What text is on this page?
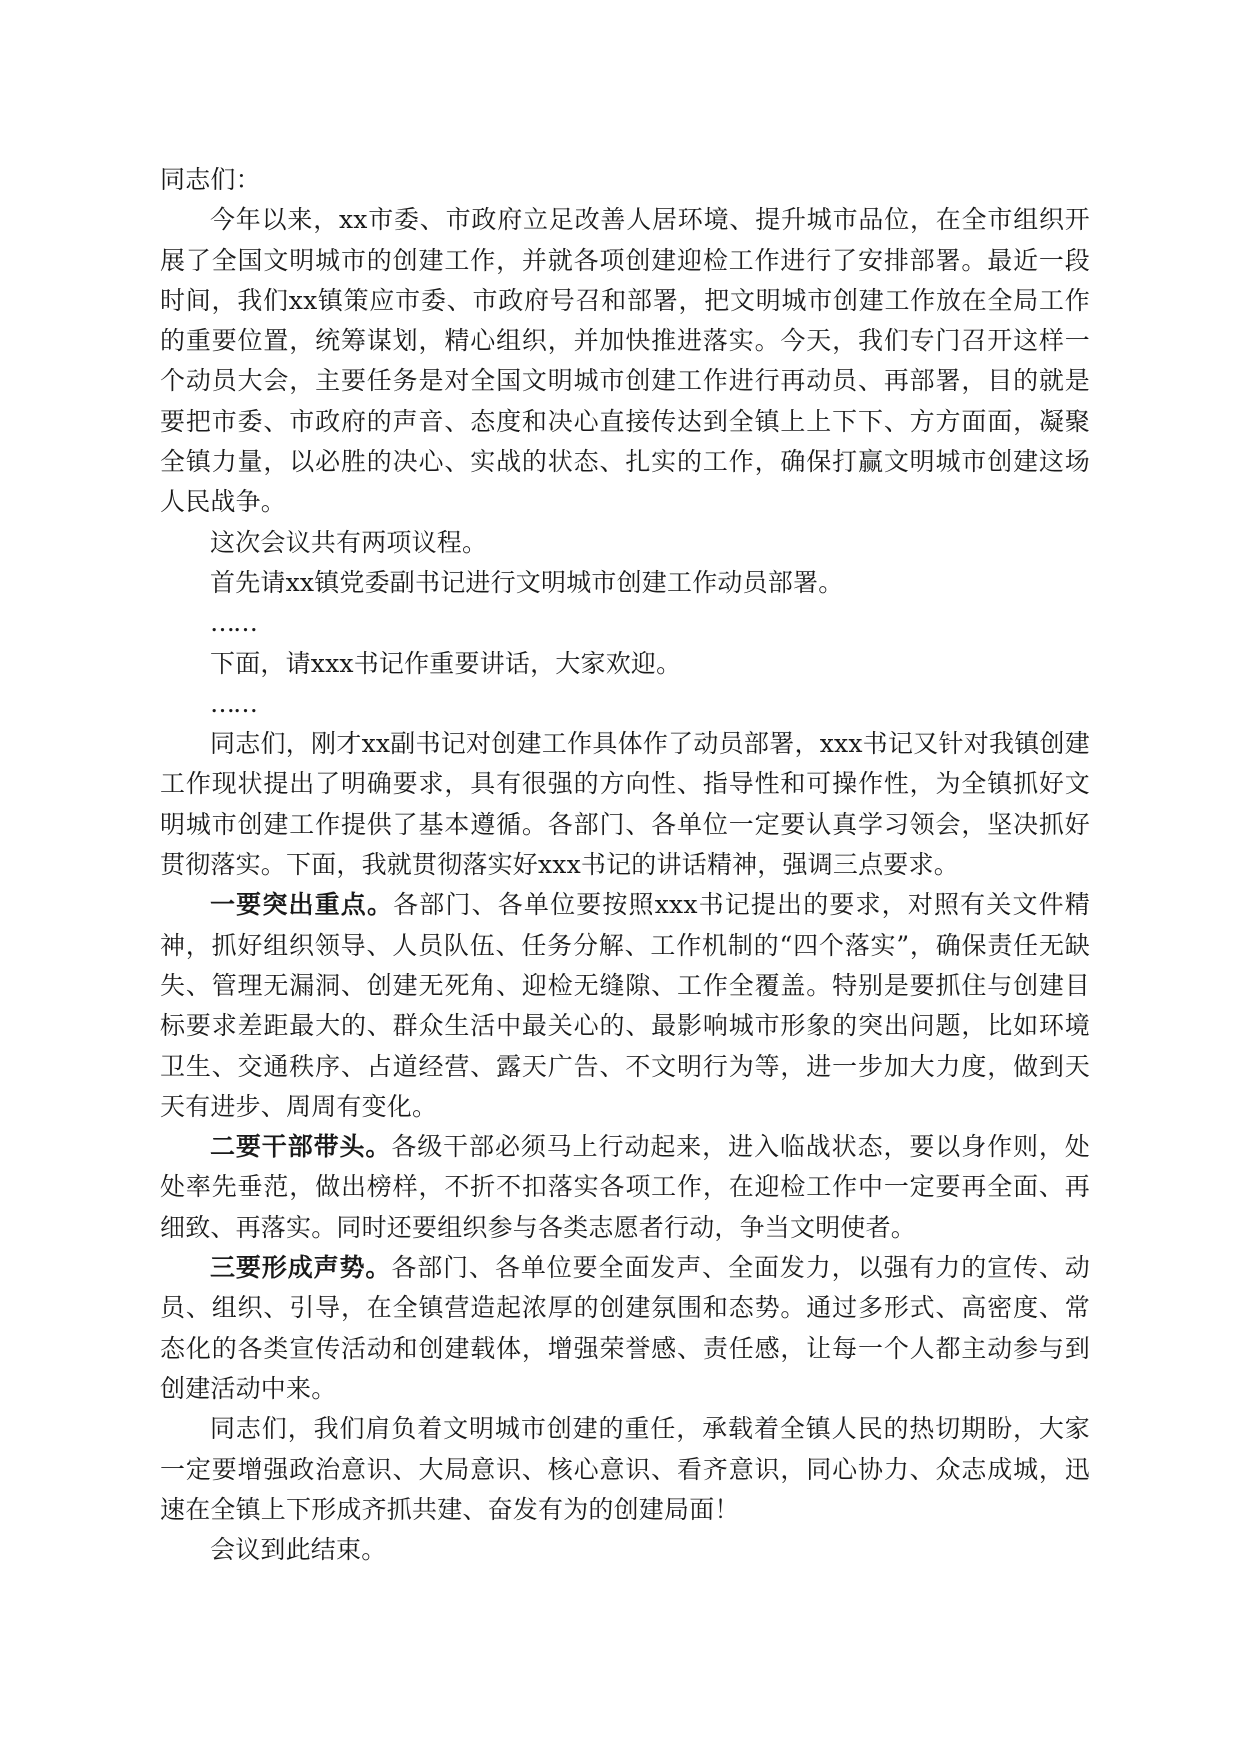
同志们：

今年以来，xx市委、市政府立足改善人居环境、提升城市品位，在全市组织开展了全国文明城市的创建工作，并就各项创建迎检工作进行了安排部署。最近一段时间，我们xx镇策应市委、市政府号召和部署，把文明城市创建工作放在全局工作的重要位置，统筹谋划，精心组织，并加快推进落实。今天，我们专门召开这样一个动员大会，主要任务是对全国文明城市创建工作进行再动员、再部署，目的就是要把市委、市政府的声音、态度和决心直接传达到全镇上上下下、方方面面，凝聚全镇力量，以必胜的决心、实战的状态、扎实的工作，确保打赢文明城市创建这场人民战争。

这次会议共有两项议程。

首先请xx镇党委副书记进行文明城市创建工作动员部署。

……

下面，请xxx书记作重要讲话，大家欢迎。

……

同志们，刚才xx副书记对创建工作具体作了动员部署，xxx书记又针对我镇创建工作现状提出了明确要求，具有很强的方向性、指导性和可操作性，为全镇抓好文明城市创建工作提供了基本遵循。各部门、各单位一定要认真学习领会，坚决抓好贯彻落实。下面，我就贯彻落实好xxx书记的讲话精神，强调三点要求。

一要突出重点。各部门、各单位要按照xxx书记提出的要求，对照有关文件精神，抓好组织领导、人员队伍、任务分解、工作机制的“四个落实”，确保责任无缺失、管理无漏洞、创建无死角、迎检无缝隙、工作全覆盖。特别是要抓住与创建目标要求差距最大的、群众生活中最关心的、最影响城市形象的突出问题，比如环境卫生、交通秩序、占道经营、露天广告、不文明行为等，进一步加大力度，做到天天有进步、周周有变化。

二要干部带头。各级干部必须马上行动起来，进入临战状态，要以身作则，处处率先垂范，做出榜样，不折不扣落实各项工作，在迎检工作中一定要再全面、再细致、再落实。同时还要组织参与各类志愿者行动，争当文明使者。

三要形成声势。各部门、各单位要全面发声、全面发力，以强有力的宣传、动员、组织、引导，在全镇营造起浓厚的创建氛围和态势。通过多形式、高密度、常态化的各类宣传活动和创建载体，增强荣誉感、责任感，让每一个人都主动参与到创建活动中来。

同志们，我们肩负着文明城市创建的重任，承载着全镇人民的热切期盼，大家一定要增强政治意识、大局意识、核心意识、看齐意识，同心协力、众志成城，迅速在全镇上下形成齐抓共建、奋发有为的创建局面！

会议到此结束。
